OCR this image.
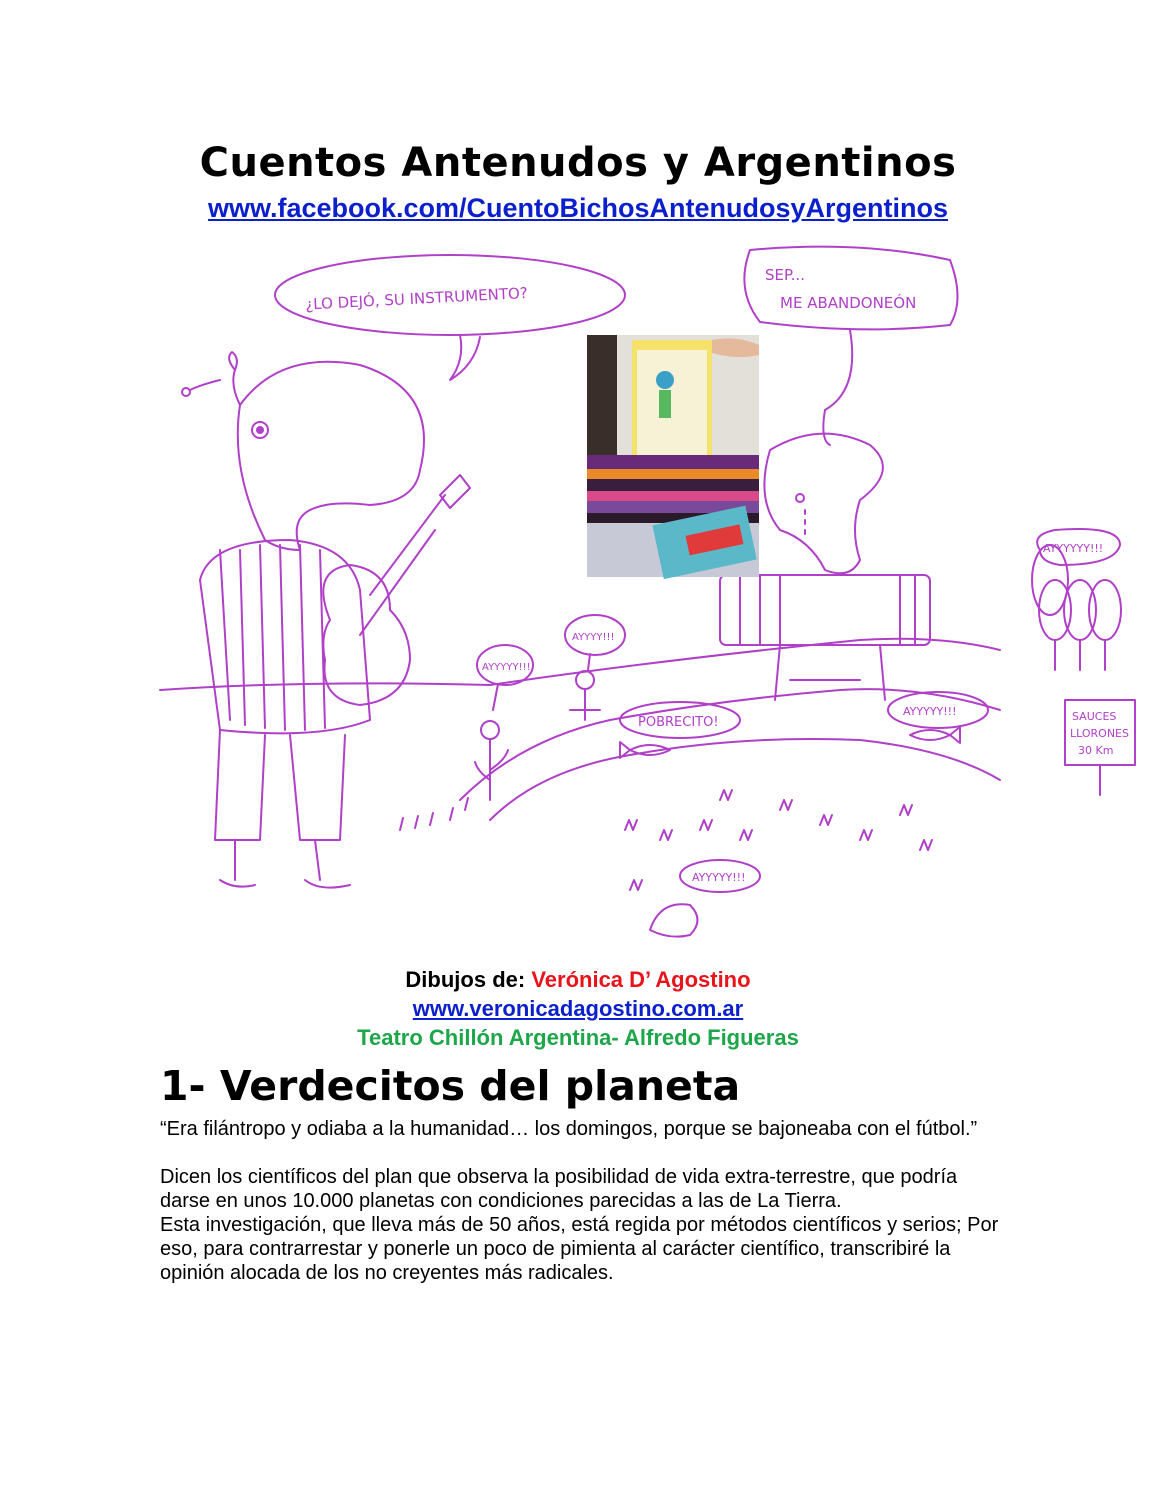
Cuentos Antenudos y Argentinos
www.facebook.com/CuentoBichosAntenudosyArgentinos
¿LO DEJÓ, SU INSTRUMENTO?
SEP...
ME ABANDONEÓN
AYYYYYY!!!
AYYYYY!!!
AYYYY!!!
POBRECITO!
AYYYYY!!!
AYYYYY!!!
SAUCES
LLORONES
30 Km
Dibujos de: Verónica D’ Agostino
www.veronicadagostino.com.ar
Teatro Chillón Argentina- Alfredo Figueras
1- Verdecitos del planeta

“Era filántropo y odiaba a la humanidad… los domingos, porque se bajoneaba con el fútbol.”

Dicen los científicos del plan que observa la posibilidad de vida extra-terrestre, que podría darse en unos 10.000 planetas con condiciones parecidas a las de La Tierra.

Esta investigación, que lleva más de 50 años, está regida por métodos científicos y serios; Por eso, para contrarrestar y ponerle un poco de pimienta al carácter científico, transcribiré la opinión alocada de los no creyentes más radicales.
